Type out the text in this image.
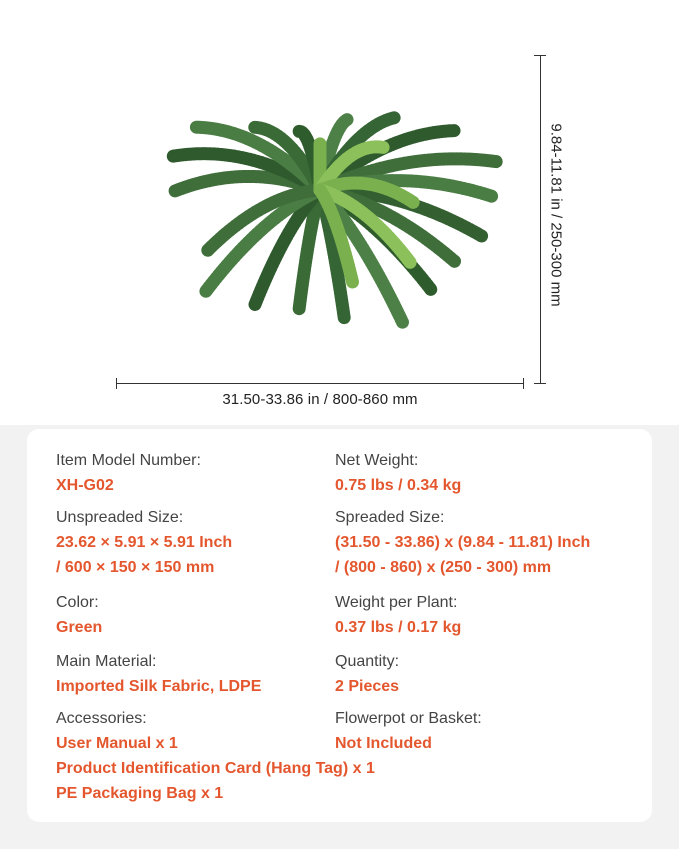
31.50-33.86 in / 800-860 mm
9.84-11.81 in / 250-300 mm
Item Model Number:
XH-G02
Net Weight:
0.75 lbs / 0.34 kg
Unspreaded Size:
23.62 × 5.91 × 5.91 Inch
/ 600 × 150 × 150 mm
Spreaded Size:
(31.50 - 33.86) x (9.84 - 11.81) Inch
/ (800 - 860) x (250 - 300) mm
Color:
Green
Weight per Plant:
0.37 lbs / 0.17 kg
Main Material:
Imported Silk Fabric, LDPE
Quantity:
2 Pieces
Accessories:
User Manual x 1
Product Identification Card (Hang Tag) x 1
PE Packaging Bag x 1
Flowerpot or Basket:
Not Included
